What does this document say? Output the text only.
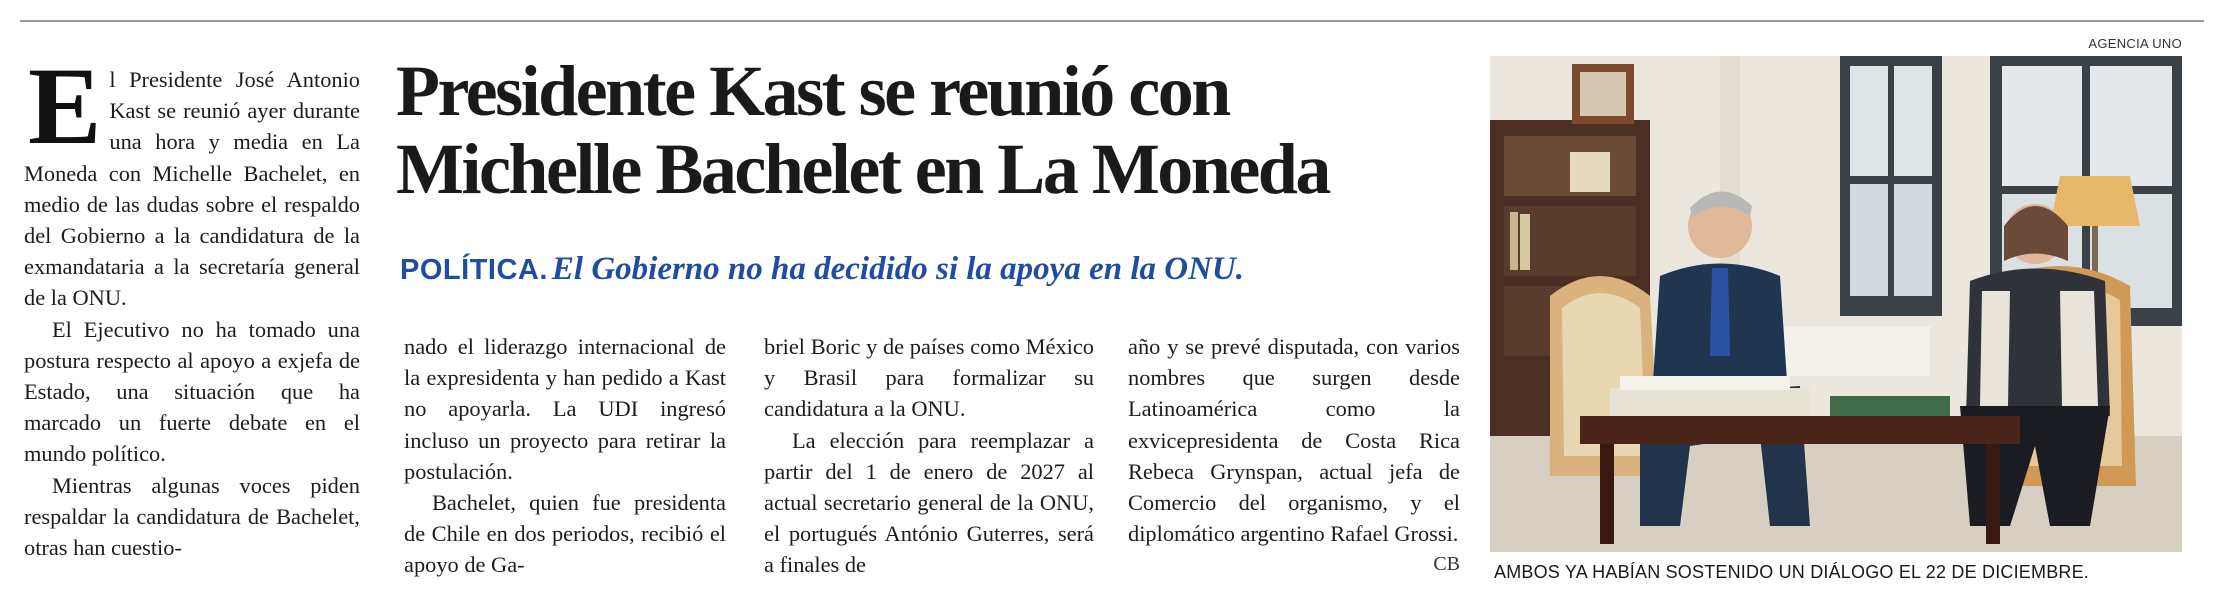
El Presidente José Antonio Kast se reunió ayer durante una hora y media en La Moneda con Michelle Bachelet, en medio de las dudas sobre el respaldo del Gobierno a la candidatura de la exmandataria a la secretaría general de la ONU.

El Ejecutivo no ha tomado una postura respecto al apoyo a exjefa de Estado, una situación que ha marcado un fuerte debate en el mundo político.

Mientras algunas voces piden respaldar la candidatura de Bachelet, otras han cuestio-

Presidente Kast se reunió con
Michelle Bachelet en La Moneda
POLÍTICA. El Gobierno no ha decidido si la apoya en la ONU.

nado el liderazgo internacional de la expresidenta y han pedido a Kast no apoyarla. La UDI ingresó incluso un proyecto para retirar la postulación.

Bachelet, quien fue presidenta de Chile en dos periodos, recibió el apoyo de Ga-

briel Boric y de países como México y Brasil para formalizar su candidatura a la ONU.

La elección para reemplazar a partir del 1 de enero de 2027 al actual secretario general de la ONU, el portugués António Guterres, será a finales de

año y se prevé disputada, con varios nombres que surgen desde Latinoamérica como la exvicepresidenta de Costa Rica Rebeca Grynspan, actual jefa de Comercio del organismo, y el diplomático argentino Rafael Grossi.
CB

AGENCIA UNO
AMBOS YA HABÍAN SOSTENIDO UN DIÁLOGO EL 22 DE DICIEMBRE.
